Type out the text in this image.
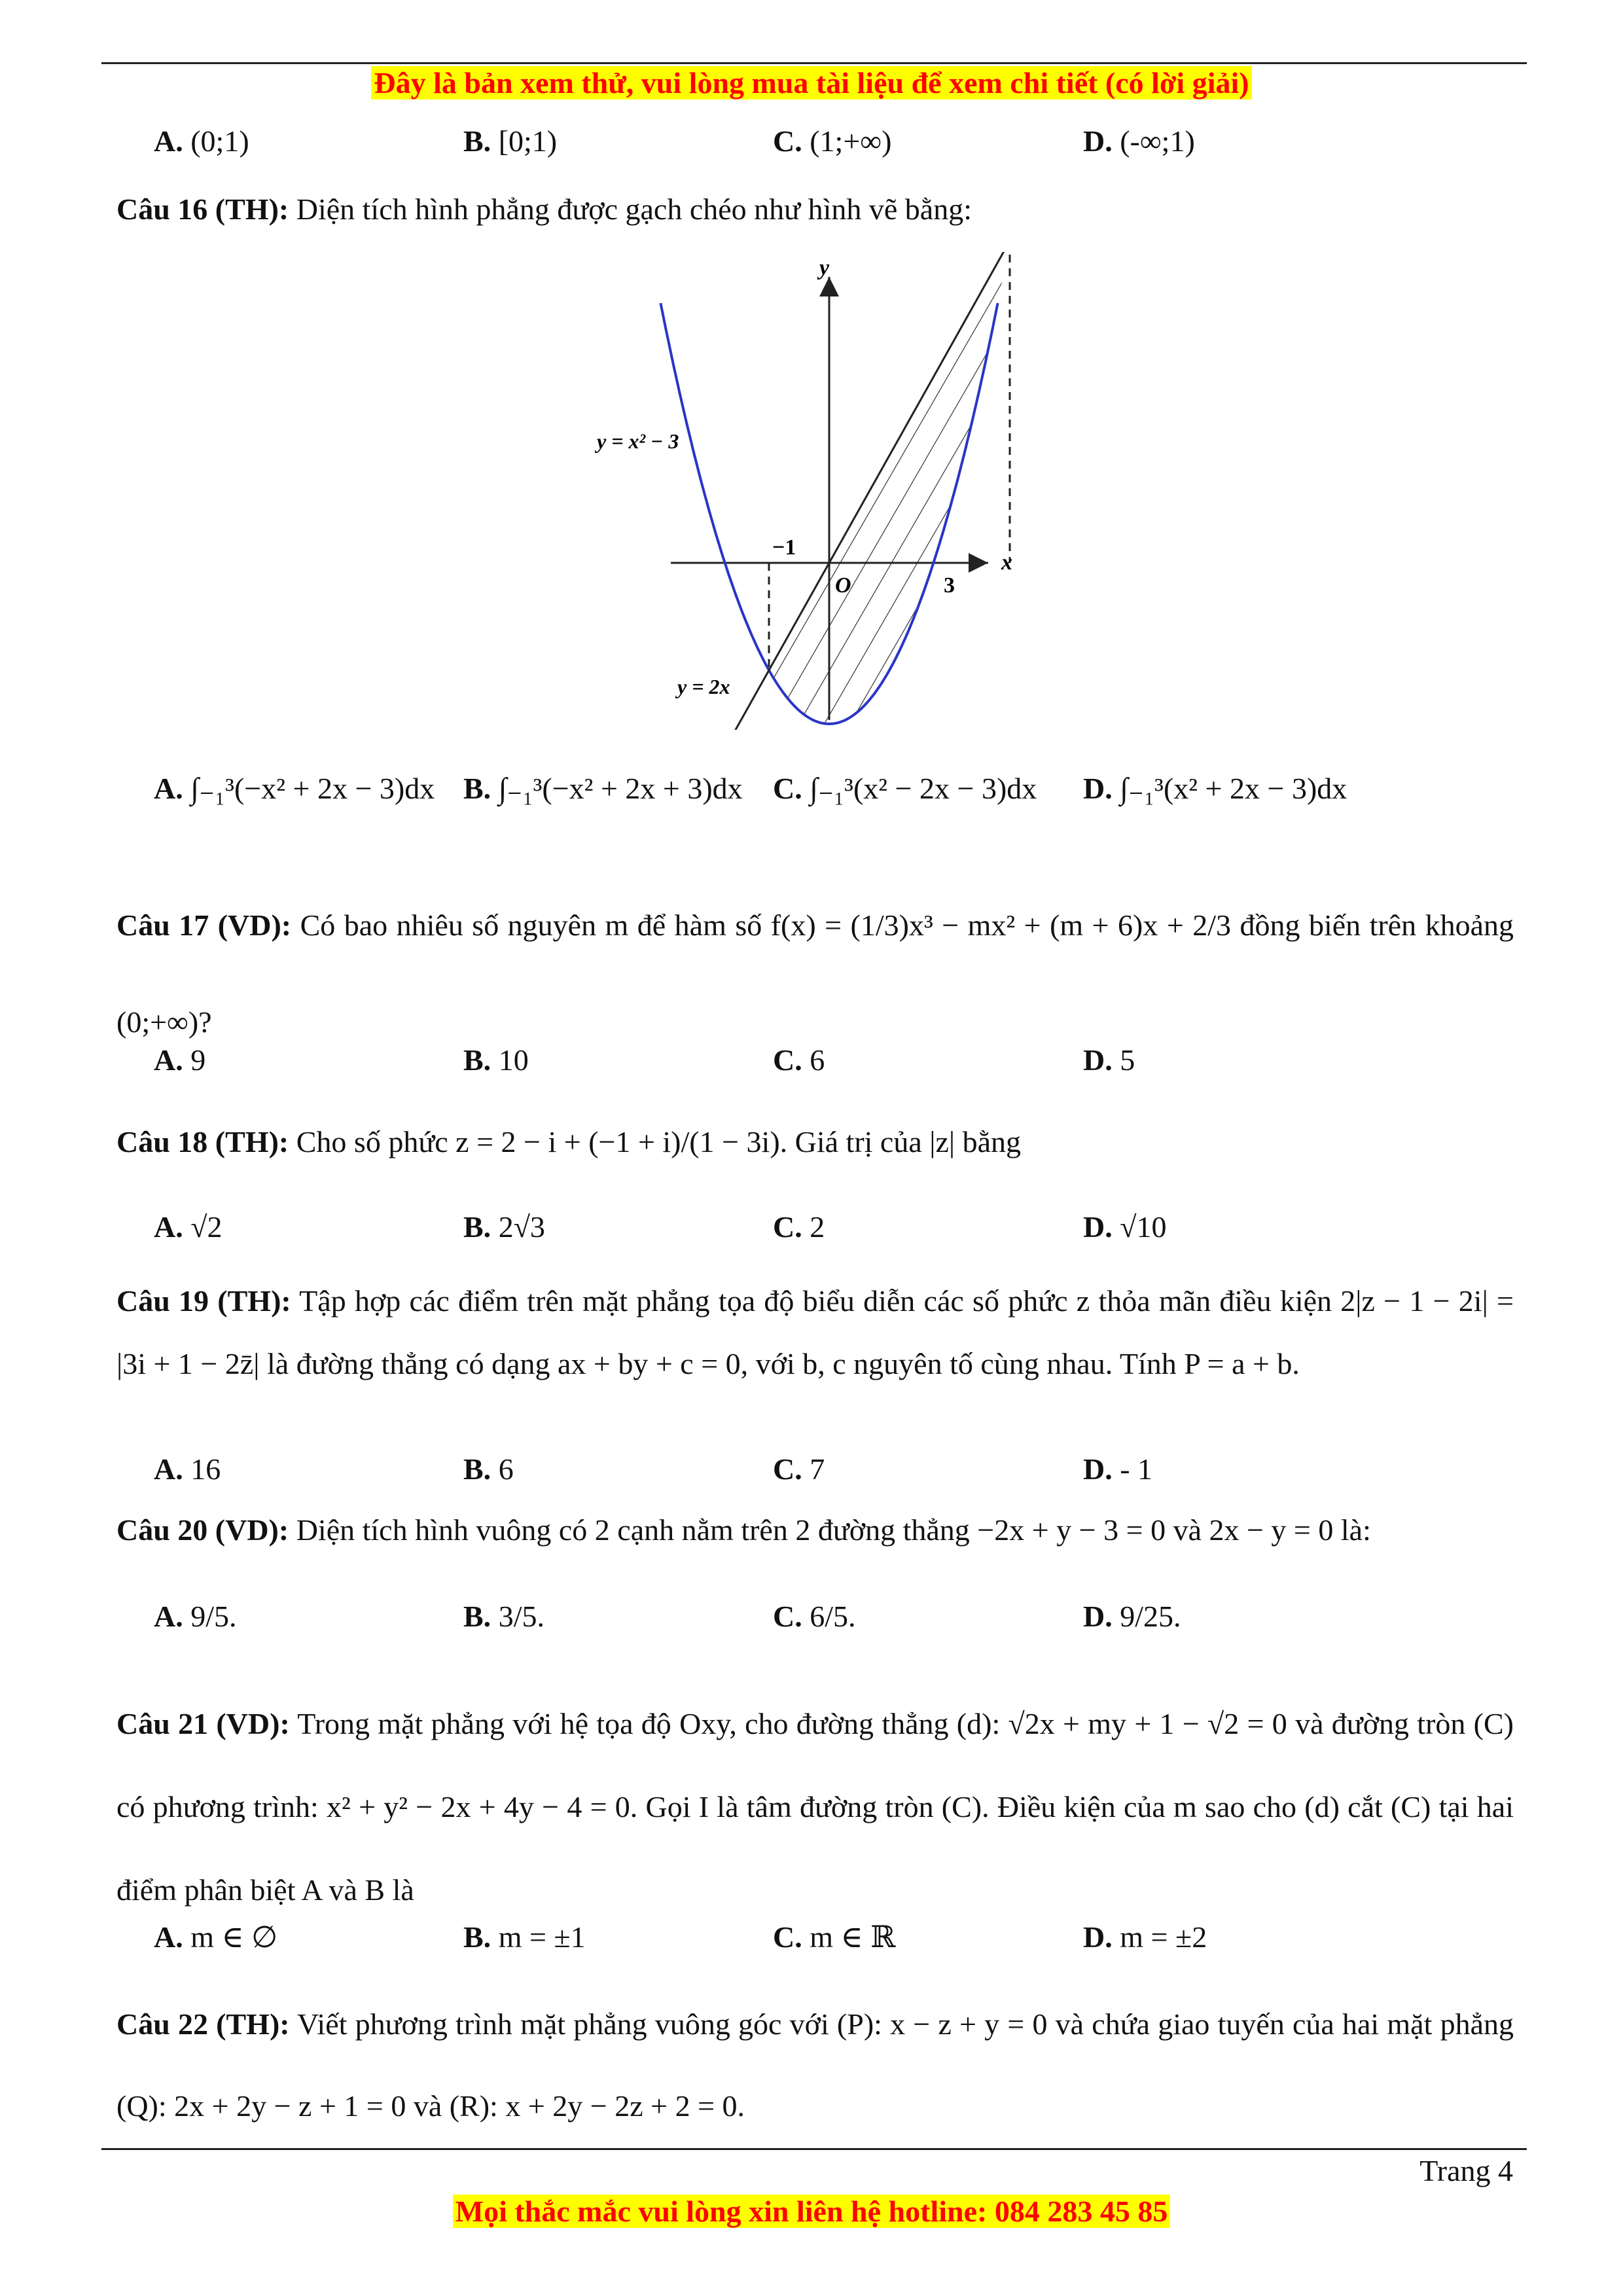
Đây là bản xem thử, vui lòng mua tài liệu để xem chi tiết (có lời giải)
A. (0;1)	B. [0;1)	C. (1;+∞)	D. (-∞;1)
Câu 16 (TH): Diện tích hình phẳng được gạch chéo như hình vẽ bằng:
y
x
O
−1
3
y = x² − 3
y = 2x
A. ∫₋₁³(−x² + 2x − 3)dx B. ∫₋₁³(−x² + 2x + 3)dx C. ∫₋₁³(x² − 2x − 3)dx D. ∫₋₁³(x² + 2x − 3)dx
Câu 17 (VD): Có bao nhiêu số nguyên m để hàm số f(x) = (1/3)x³ − mx² + (m + 6)x + 2/3 đồng biến trên khoảng (0;+∞)?
A. 9	B. 10	C. 6	D. 5
Câu 18 (TH): Cho số phức z = 2 − i + (−1 + i)/(1 − 3i). Giá trị của |z| bằng
A. √2	B. 2√3	C. 2	D. √10
Câu 19 (TH): Tập hợp các điểm trên mặt phẳng tọa độ biểu diễn các số phức z thỏa mãn điều kiện 2|z − 1 − 2i| = |3i + 1 − 2z̄| là đường thẳng có dạng ax + by + c = 0, với b, c nguyên tố cùng nhau. Tính P = a + b.
A. 16	B. 6	C. 7	D. - 1
Câu 20 (VD): Diện tích hình vuông có 2 cạnh nằm trên 2 đường thẳng −2x + y − 3 = 0 và 2x − y = 0 là:
A. 9/5.	B. 3/5.	C. 6/5.	D. 9/25.
Câu 21 (VD): Trong mặt phẳng với hệ tọa độ Oxy, cho đường thẳng (d): √2x + my + 1 − √2 = 0 và đường tròn (C) có phương trình: x² + y² − 2x + 4y − 4 = 0. Gọi I là tâm đường tròn (C). Điều kiện của m sao cho (d) cắt (C) tại hai điểm phân biệt A và B là
A. m ∈ ∅	B. m = ±1	C. m ∈ ℝ	D. m = ±2
Câu 22 (TH): Viết phương trình mặt phẳng vuông góc với (P): x − z + y = 0 và chứa giao tuyến của hai mặt phẳng (Q): 2x + 2y − z + 1 = 0 và (R): x + 2y − 2z + 2 = 0.
Trang 4
Mọi thắc mắc vui lòng xin liên hệ hotline: 084 283 45 85
